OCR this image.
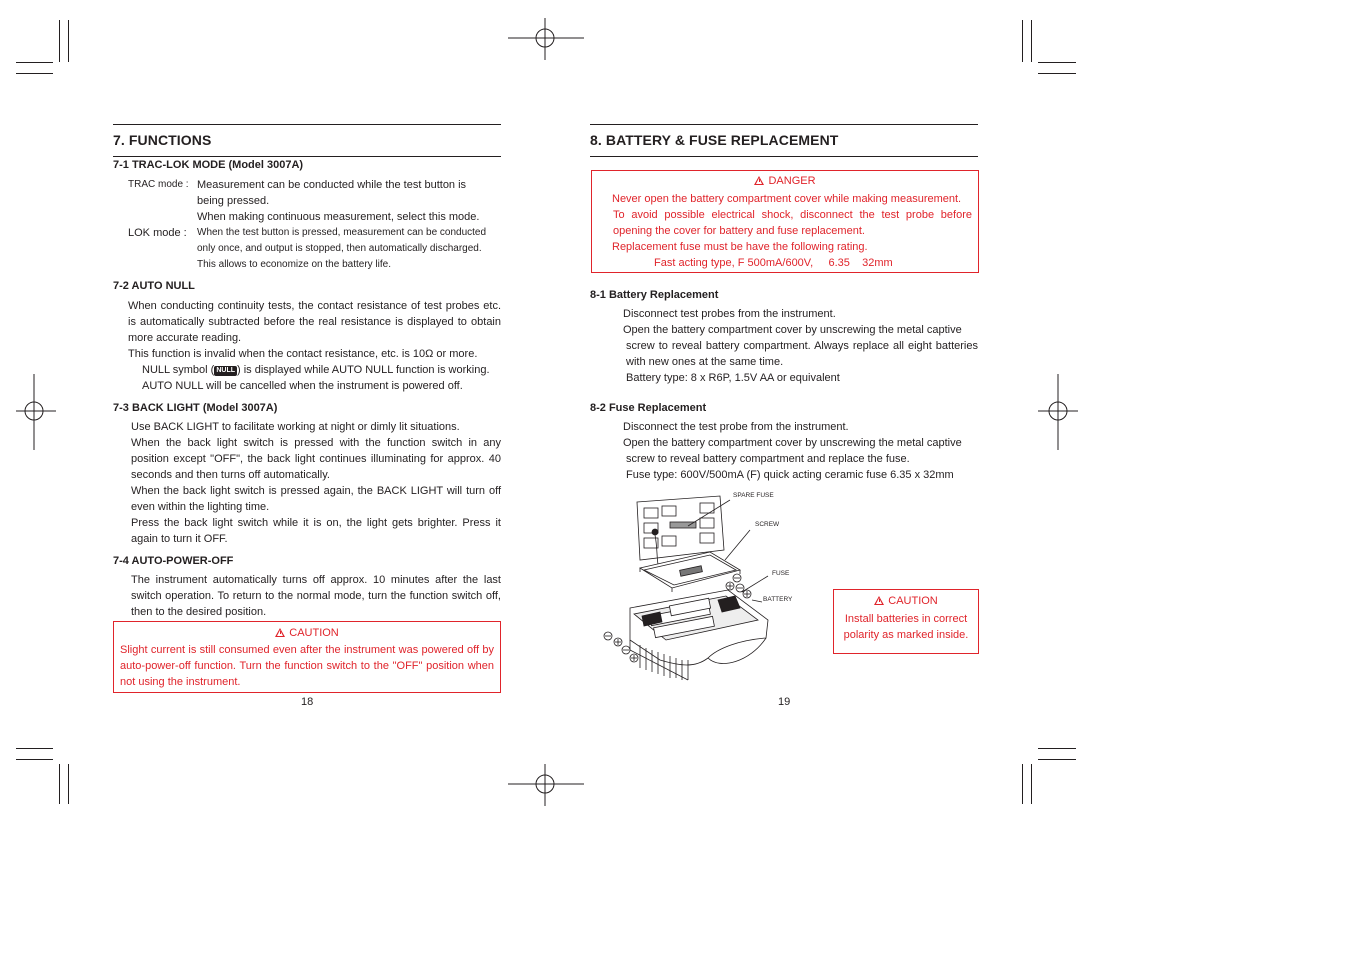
7. FUNCTIONS
7-1 TRAC-LOK MODE (Model 3007A)
TRAC mode : Measurement can be conducted while the test button is
being pressed.
When making continuous measurement, select this mode.
LOK mode : When the test button is pressed, measurement can be conducted
only once, and output is stopped, then automatically discharged.
This allows to economize on the battery life.
7-2 AUTO NULL
When conducting continuity tests, the contact resistance of test probes etc. is automatically subtracted before the real resistance is displayed to obtain more accurate reading.
This function is invalid when the contact resistance, etc. is 10Ω or more.
NULL symbol ( NULL ) is displayed while AUTO NULL function is working.
AUTO NULL will be cancelled when the instrument is powered off.
7-3 BACK LIGHT (Model 3007A)
Use BACK LIGHT to facilitate working at night or dimly lit situations.
When the back light switch is pressed with the function switch in any position except "OFF", the back light continues illuminating for approx. 40 seconds and then turns off automatically.
When the back light switch is pressed again, the BACK LIGHT will turn off even within the lighting time.
Press the back light switch while it is on, the light gets brighter. Press it again to turn it OFF.
7-4 AUTO-POWER-OFF
The instrument automatically turns off approx. 10 minutes after the last switch operation. To return to the normal mode, turn the function switch off, then to the desired position.
CAUTION
Slight current is still consumed even after the instrument was powered off by auto-power-off function. Turn the function switch to the "OFF" position when not using the instrument.
18
8. BATTERY & FUSE REPLACEMENT
DANGER
Never open the battery compartment cover while making measurement.
To avoid possible electrical shock, disconnect the test probe before opening the cover for battery and fuse replacement.
Replacement fuse must be have the following rating.
Fast acting type, F 500mA/600V,     6.35    32mm
8-1 Battery Replacement
Disconnect test probes from the instrument.
Open the battery compartment cover by unscrewing the metal captive
screw to reveal battery compartment. Always replace all eight batteries with new ones at the same time.
Battery type: 8 x R6P, 1.5V AA or equivalent
8-2 Fuse Replacement
Disconnect the test probe from the instrument.
Open the battery compartment cover by unscrewing the metal captive
screw to reveal battery compartment and replace the fuse.
Fuse type: 600V/500mA (F) quick acting ceramic fuse 6.35 x 32mm
SPARE FUSE
SCREW
FUSE
BATTERY	CAUTION
Install batteries in correct
polarity as marked inside.
19
